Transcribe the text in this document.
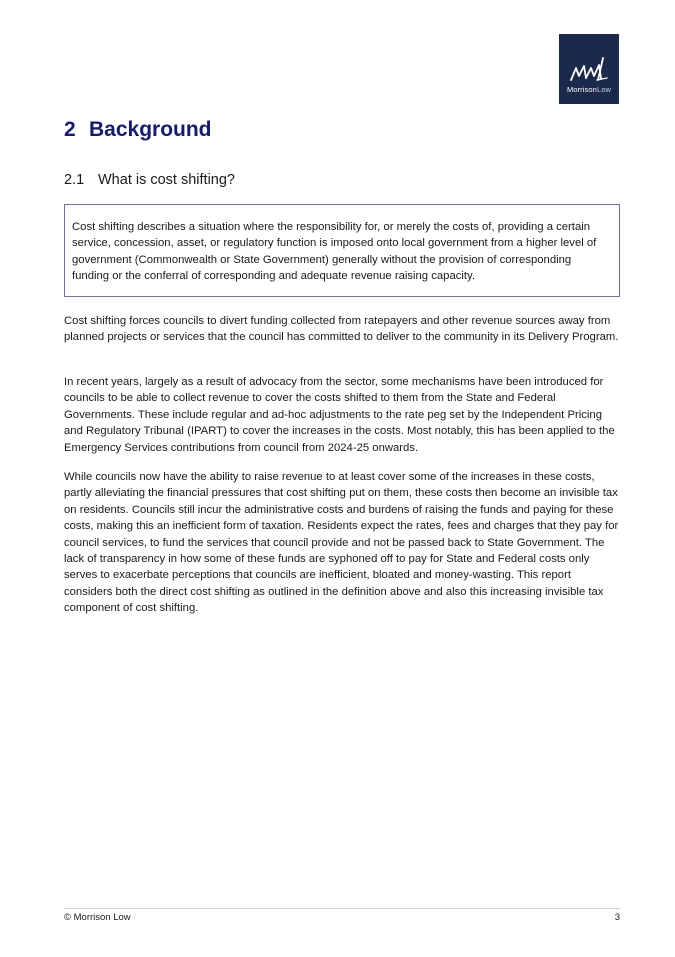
MorrisonLow
2 Background
2.1 What is cost shifting?

Cost shifting describes a situation where the responsibility for, or merely the costs of, providing a certain service, concession, asset, or regulatory function is imposed onto local government from a higher level of government (Commonwealth or State Government) generally without the provision of corresponding funding or the conferral of corresponding and adequate revenue raising capacity.

Cost shifting forces councils to divert funding collected from ratepayers and other revenue sources away from planned projects or services that the council has committed to deliver to the community in its Delivery Program.

In recent years, largely as a result of advocacy from the sector, some mechanisms have been introduced for councils to be able to collect revenue to cover the costs shifted to them from the State and Federal Governments. These include regular and ad-hoc adjustments to the rate peg set by the Independent Pricing and Regulatory Tribunal (IPART) to cover the increases in the costs. Most notably, this has been applied to the Emergency Services contributions from council from 2024-25 onwards.

While councils now have the ability to raise revenue to at least cover some of the increases in these costs, partly alleviating the financial pressures that cost shifting put on them, these costs then become an invisible tax on residents. Councils still incur the administrative costs and burdens of raising the funds and paying for these costs, making this an inefficient form of taxation. Residents expect the rates, fees and charges that they pay for council services, to fund the services that council provide and not be passed back to State Government. The lack of transparency in how some of these funds are syphoned off to pay for State and Federal costs only serves to exacerbate perceptions that councils are inefficient, bloated and money-wasting. This report considers both the direct cost shifting as outlined in the definition above and also this increasing invisible tax component of cost shifting.

© Morrison Low	3
